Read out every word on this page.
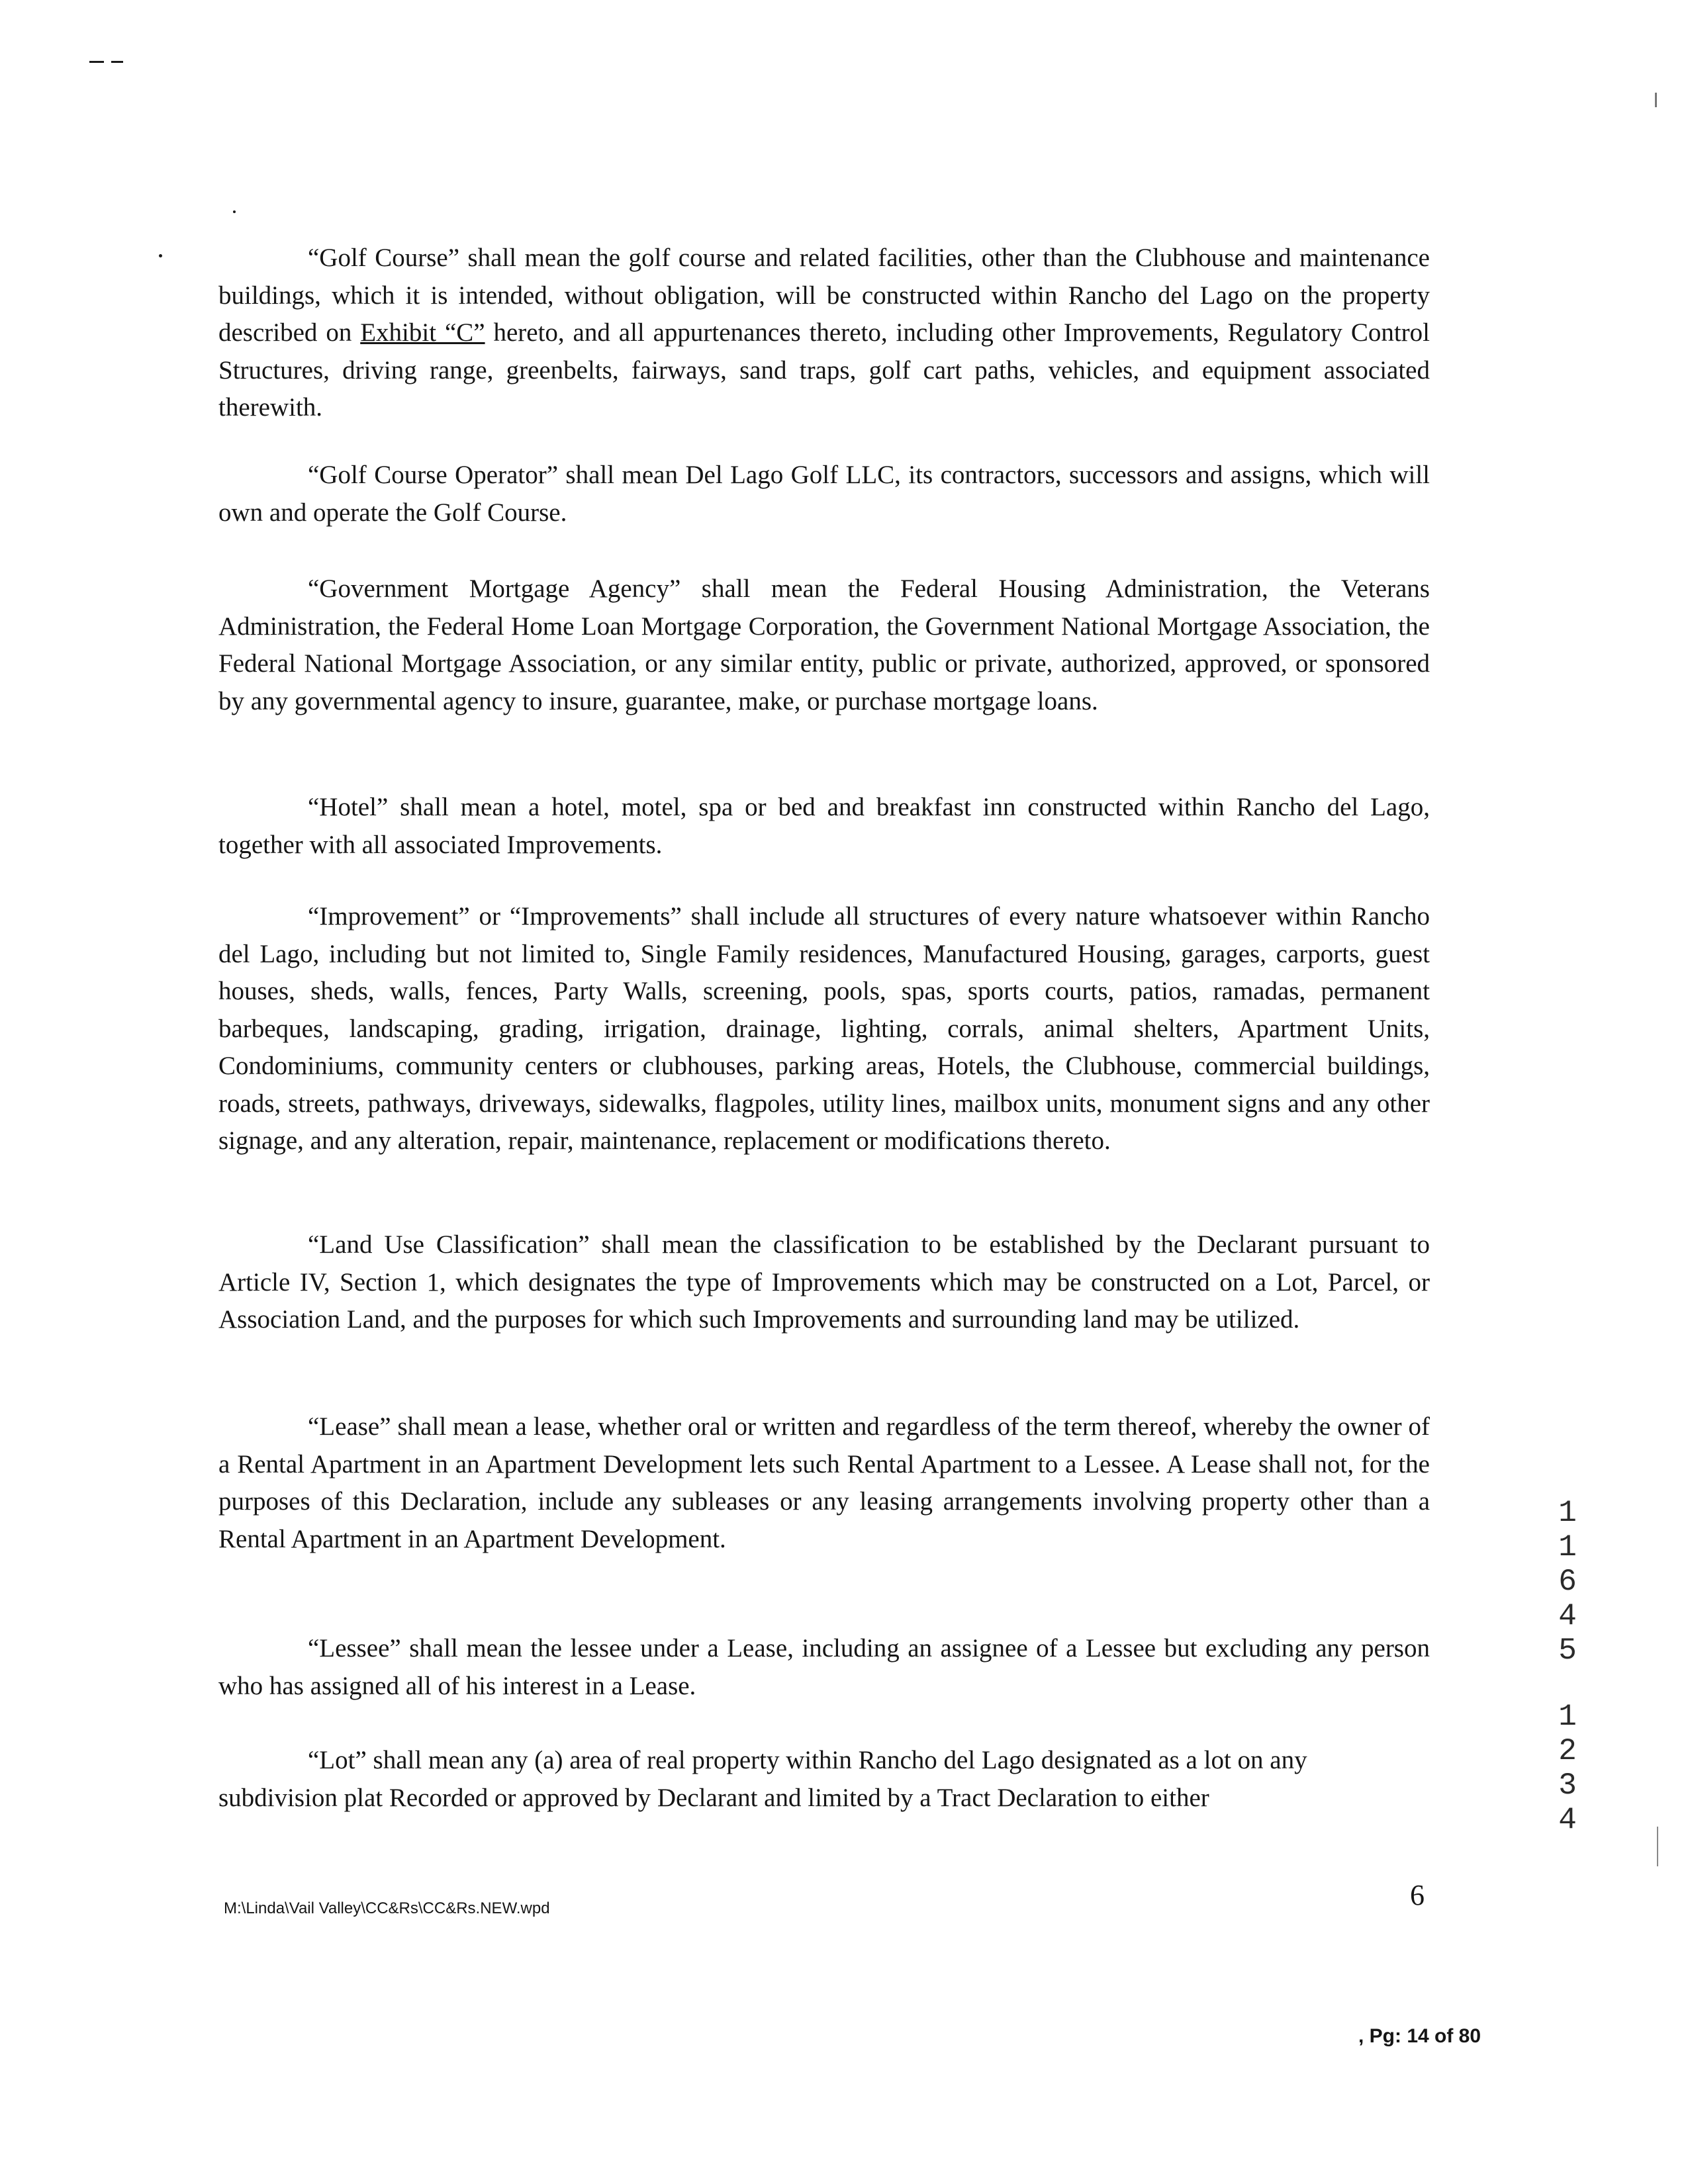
“Golf Course” shall mean the golf course and related facilities, other than the Clubhouse and maintenance buildings, which it is intended, without obligation, will be constructed within Rancho del Lago on the property described on Exhibit “C” hereto, and all appurtenances thereto, including other Improvements, Regulatory Control Structures, driving range, greenbelts, fairways, sand traps, golf cart paths, vehicles, and equipment associated therewith.

“Golf Course Operator” shall mean Del Lago Golf LLC, its contractors, successors and assigns, which will own and operate the Golf Course.

“Government Mortgage Agency” shall mean the Federal Housing Administration, the Veterans Administration, the Federal Home Loan Mortgage Corporation, the Government National Mortgage Association, the Federal National Mortgage Association, or any similar entity, public or private, authorized, approved, or sponsored by any governmental agency to insure, guarantee, make, or purchase mortgage loans.

“Hotel” shall mean a hotel, motel, spa or bed and breakfast inn constructed within Rancho del Lago, together with all associated Improvements.

“Improvement” or “Improvements” shall include all structures of every nature whatsoever within Rancho del Lago, including but not limited to, Single Family residences, Manufactured Housing, garages, carports, guest houses, sheds, walls, fences, Party Walls, screening, pools, spas, sports courts, patios, ramadas, permanent barbeques, landscaping, grading, irrigation, drainage, lighting, corrals, animal shelters, Apartment Units, Condominiums, community centers or clubhouses, parking areas, Hotels, the Clubhouse, commercial buildings, roads, streets, pathways, driveways, sidewalks, flagpoles, utility lines, mailbox units, monument signs and any other signage, and any alteration, repair, maintenance, replacement or modifications thereto.

“Land Use Classification” shall mean the classification to be established by the Declarant pursuant to Article IV, Section 1, which designates the type of Improvements which may be constructed on a Lot, Parcel, or Association Land, and the purposes for which such Improvements and surrounding land may be utilized.

“Lease” shall mean a lease, whether oral or written and regardless of the term thereof, whereby the owner of a Rental Apartment in an Apartment Development lets such Rental Apartment to a Lessee. A Lease shall not, for the purposes of this Declaration, include any subleases or any leasing arrangements involving property other than a Rental Apartment in an Apartment Development.

“Lessee” shall mean the lessee under a Lease, including an assignee of a Lessee but excluding any person who has assigned all of his interest in a Lease.

“Lot” shall mean any (a) area of real property within Rancho del Lago designated as a lot on any subdivision plat Recorded or approved by Declarant and limited by a Tract Declaration to either

M:\Linda\Vail Valley\CC&Rs\CC&Rs.NEW.wpd	6
, Pg: 14 of 80
1
1
6
4
5
1
2
3
4
